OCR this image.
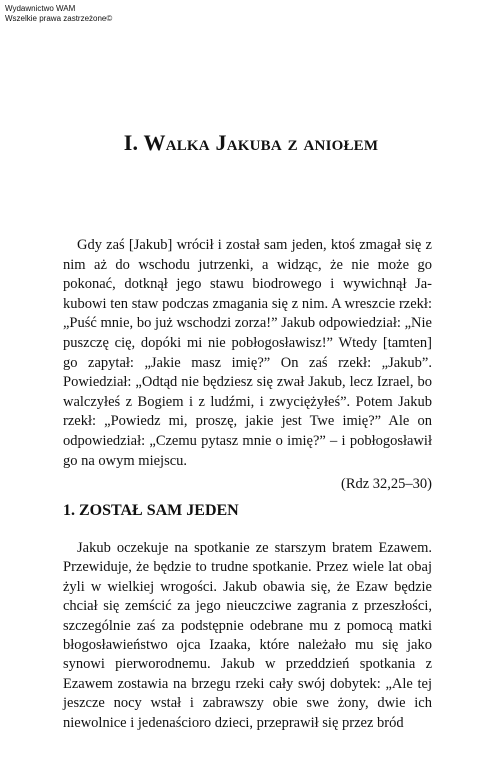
Wydawnictwo WAM
Wszelkie prawa zastrzeżone©
I. Walka Jakuba z aniołem

Gdy zaś [Jakub] wrócił i został sam jeden, ktoś zmagał się z nim aż do wschodu jutrzenki, a widząc, że nie może go pokonać, dotknął jego stawu biodrowego i wywichnął Jakubowi ten staw podczas zmagania się z nim. A wreszcie rzekł: „Puść mnie, bo już wschodzi zorza!” Jakub odpowiedział: „Nie puszczę cię, dopóki mi nie pobłogosławisz!” Wtedy [tamten] go zapytał: „Jakie masz imię?” On zaś rzekł: „Jakub”. Powiedział: „Odtąd nie będziesz się zwał Jakub, lecz Izrael, bo walczyłeś z Bogiem i z ludźmi, i zwyciężyłeś”. Potem Jakub rzekł: „Powiedz mi, proszę, jakie jest Twe imię?” Ale on odpowiedział: „Czemu pytasz mnie o imię?” – i pobłogosławił go na owym miejscu.

(Rdz 32,25–30)
1. ZOSTAŁ SAM JEDEN

Jakub oczekuje na spotkanie ze starszym bratem Ezawem. Przewiduje, że będzie to trudne spotkanie. Przez wiele lat obaj żyli w wielkiej wrogości. Jakub obawia się, że Ezaw będzie chciał się zemścić za jego nieuczciwe zagrania z przeszłości, szczególnie zaś za podstępnie odebrane mu z pomocą matki błogosławieństwo ojca Izaaka, które należało mu się jako synowi pierworodnemu. Jakub w przeddzień spotkania z Ezawem zostawia na brzegu rzeki cały swój dobytek: „Ale tej jeszcze nocy wstał i zabrawszy obie swe żony, dwie ich niewolnice i jedenaścioro dzieci, przeprawił się przez bród
